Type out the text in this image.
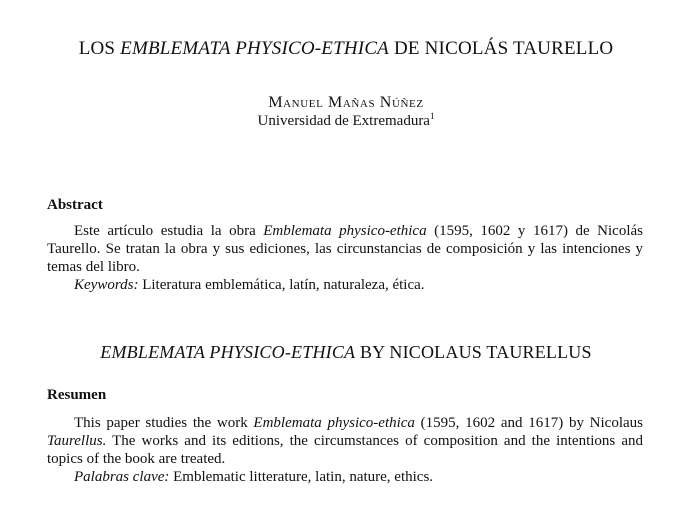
LOS EMBLEMATA PHYSICO-ETHICA DE NICOLÁS TAURELLO
Manuel Mañas Núñez
Universidad de Extremadura$^1$
Abstract

Este artículo estudia la obra Emblemata physico-ethica (1595, 1602 y 1617) de Nicolás Taurello. Se tratan la obra y sus ediciones, las circunstancias de composición y las intenciones y temas del libro.

Keywords: Literatura emblemática, latín, naturaleza, ética.
EMBLEMATA PHYSICO-ETHICA BY NICOLAUS TAURELLUS
Resumen

This paper studies the work Emblemata physico-ethica (1595, 1602 and 1617) by Nicolaus Taurellus. The works and its editions, the circumstances of composition and the intentions and topics of the book are treated.

Palabras clave: Emblematic litterature, latin, nature, ethics.
